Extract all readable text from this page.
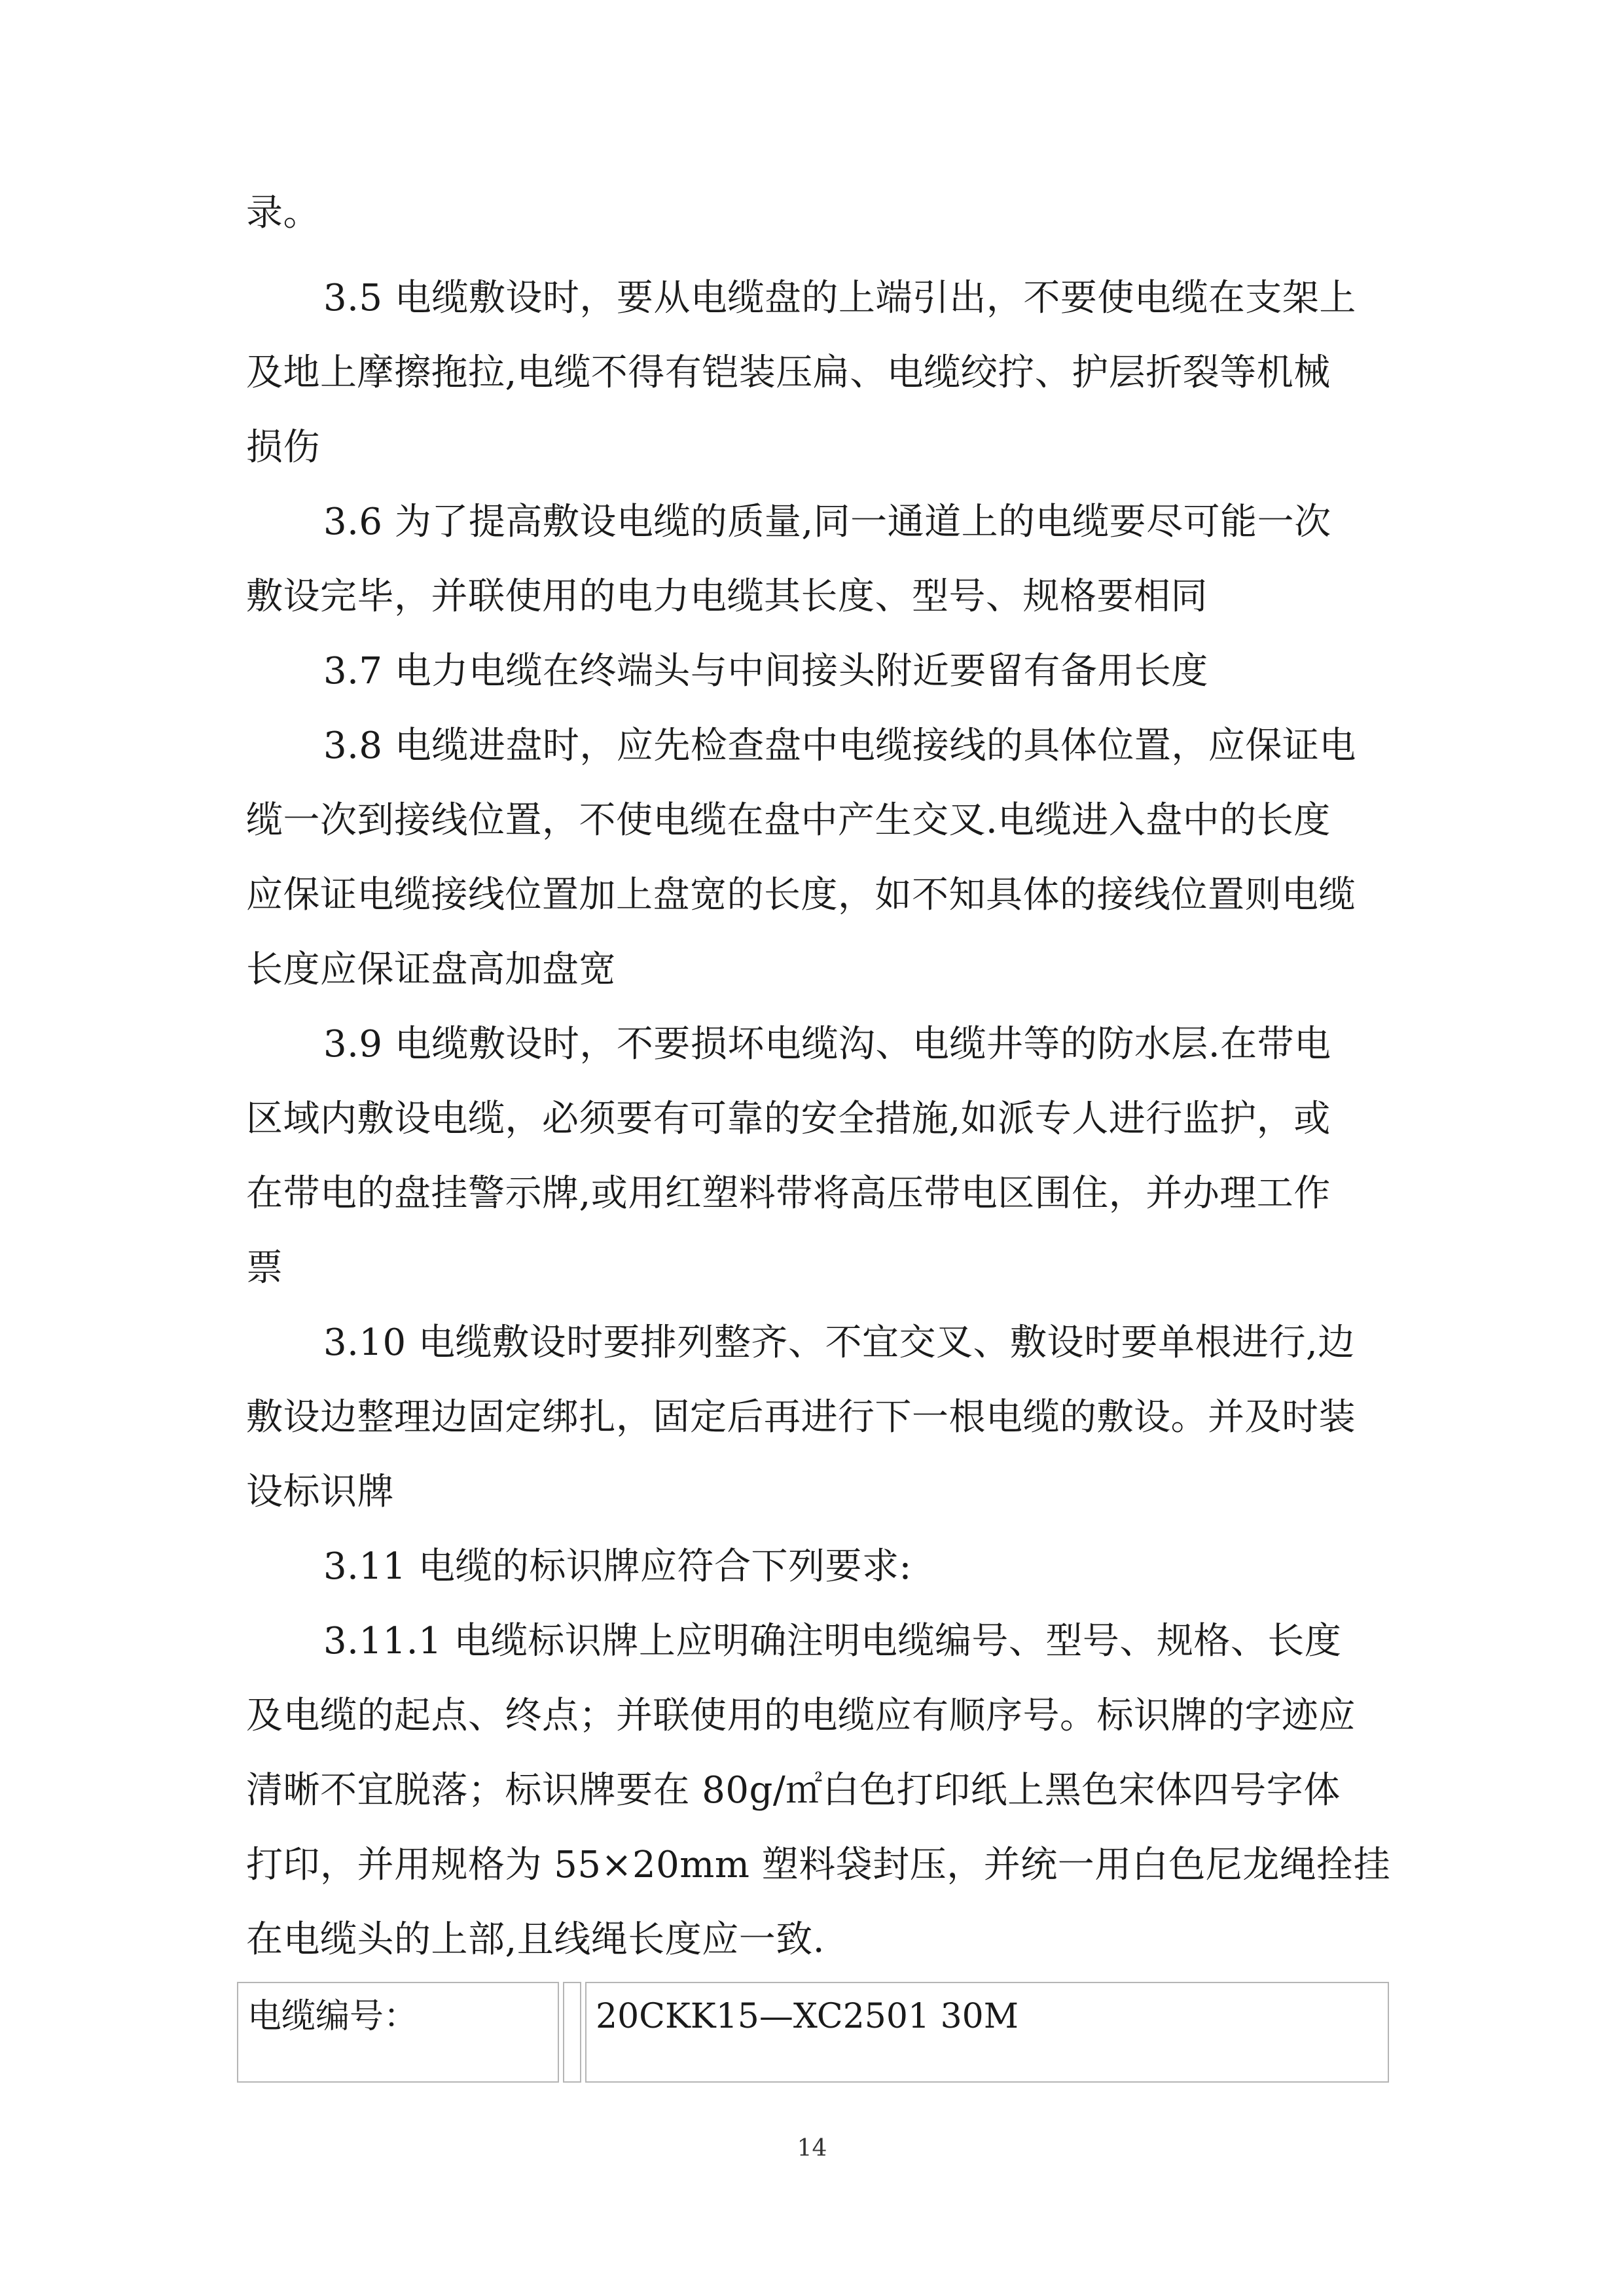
录。
3.5 电缆敷设时，要从电缆盘的上端引出，不要使电缆在支架上
及地上摩擦拖拉,电缆不得有铠装压扁、电缆绞拧、护层折裂等机械
损伤
3.6 为了提高敷设电缆的质量,同一通道上的电缆要尽可能一次
敷设完毕，并联使用的电力电缆其长度、型号、规格要相同
3.7 电力电缆在终端头与中间接头附近要留有备用长度
3.8 电缆进盘时，应先检查盘中电缆接线的具体位置，应保证电
缆一次到接线位置，不使电缆在盘中产生交叉.电缆进入盘中的长度
应保证电缆接线位置加上盘宽的长度，如不知具体的接线位置则电缆
长度应保证盘高加盘宽
3.9 电缆敷设时，不要损坏电缆沟、电缆井等的防水层.在带电
区域内敷设电缆，必须要有可靠的安全措施,如派专人进行监护，或
在带电的盘挂警示牌,或用红塑料带将高压带电区围住，并办理工作
票
3.10 电缆敷设时要排列整齐、不宜交叉、敷设时要单根进行,边
敷设边整理边固定绑扎，固定后再进行下一根电缆的敷设。并及时装
设标识牌
3.11 电缆的标识牌应符合下列要求:
3.11.1 电缆标识牌上应明确注明电缆编号、型号、规格、长度
及电缆的起点、终点；并联使用的电缆应有顺序号。标识牌的字迹应
清晰不宜脱落；标识牌要在 80g/㎡白色打印纸上黑色宋体四号字体
打印，并用规格为 55×20mm 塑料袋封压，并统一用白色尼龙绳拴挂
在电缆头的上部,且线绳长度应一致.
电缆编号：	20CKK15—XC2501 30M
14
